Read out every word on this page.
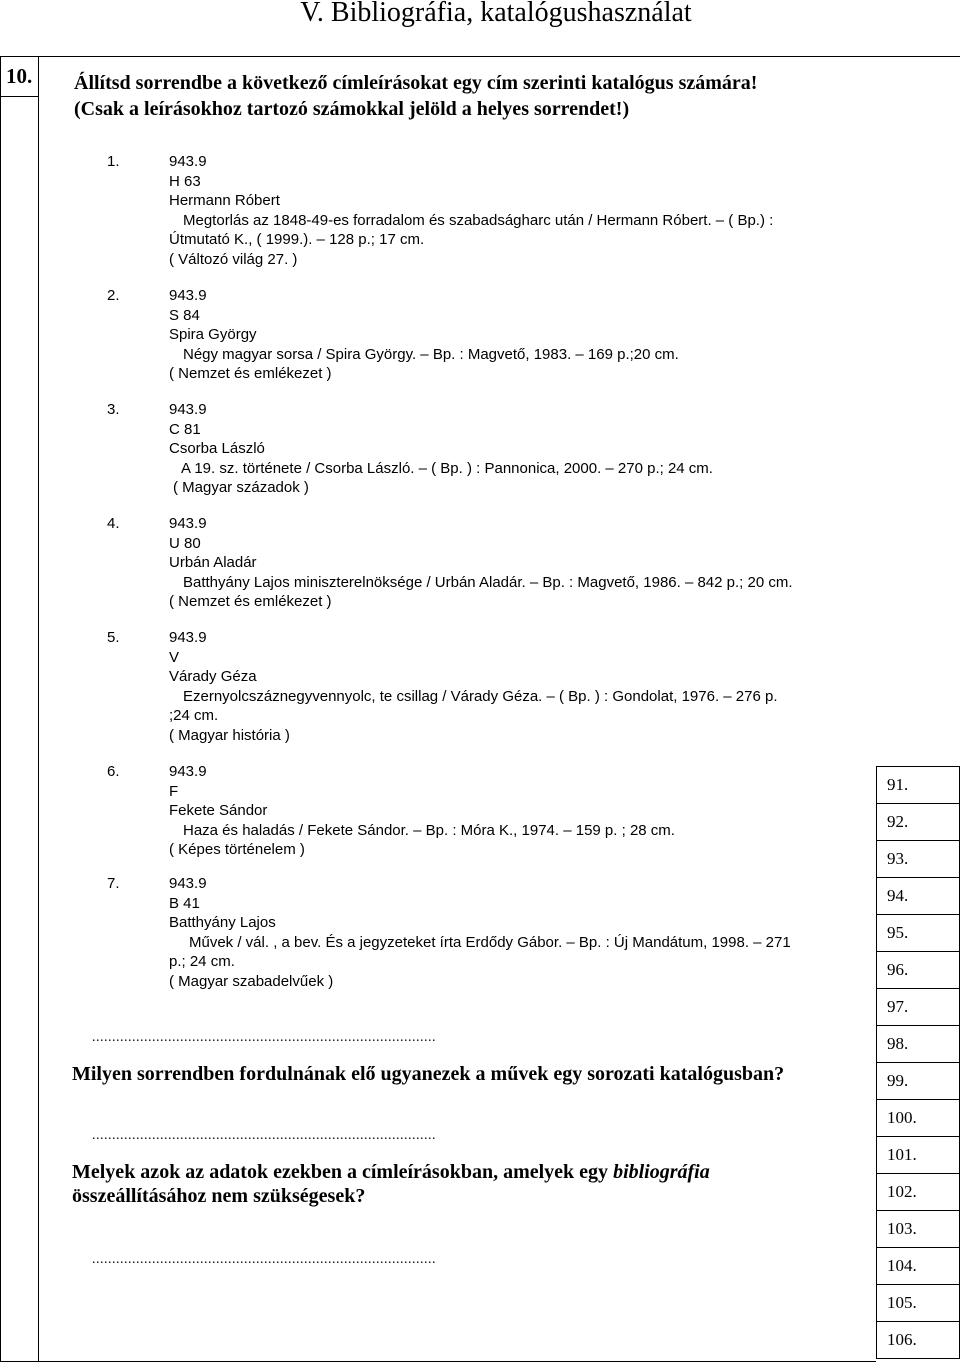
V. Bibliográfia, katalógushasználat
10. Állítsd sorrendbe a következő címleírásokat egy cím szerinti katalógus számára!
(Csak a leírásokhoz tartozó számokkal jelöld a helyes sorrendet!)
1.	943.9
H 63
Hermann Róbert
Megtorlás az 1848-49-es forradalom és szabadságharc után / Hermann Róbert. – ( Bp.) :
Útmutató K., ( 1999.). – 128 p.; 17 cm.
( Változó világ 27. )
2.	943.9
S 84
Spira György
Négy magyar sorsa / Spira György. – Bp. : Magvető, 1983. – 169 p.;20 cm.
( Nemzet és emlékezet )
3.	943.9
C 81
Csorba László
A 19. sz. története / Csorba László. – ( Bp. ) : Pannonica, 2000. – 270 p.; 24 cm.
( Magyar századok )
4.	943.9
U 80
Urbán Aladár
Batthyány Lajos miniszterelnöksége / Urbán Aladár. – Bp. : Magvető, 1986. – 842 p.; 20 cm.
( Nemzet és emlékezet )
5.	943.9
V
Várady Géza
Ezernyolcszáznegyvennyolc, te csillag / Várady Géza. – ( Bp. ) : Gondolat, 1976. – 276 p.
;24 cm.
( Magyar história )
6.	943.9
F
Fekete Sándor
Haza és haladás / Fekete Sándor. – Bp. : Móra K., 1974. – 159 p. ; 28 cm.
( Képes történelem )
7.	943.9
B 41
Batthyány Lajos
Művek / vál. , a bev. És a jegyzeteket írta Erdődy Gábor. – Bp. : Új Mandátum, 1998. – 271
p.; 24 cm.
( Magyar szabadelvűek )
......................................................................................
Milyen sorrendben fordulnának elő ugyanezek a művek egy sorozati katalógusban?
......................................................................................
Melyek azok az adatok ezekben a címleírásokban, amelyek egy bibliográfia
összeállításához nem szükségesek?
......................................................................................
91.
92.
93.
94.
95.
96.
97.
98.
99.
100.
101.
102.
103.
104.
105.
106.
